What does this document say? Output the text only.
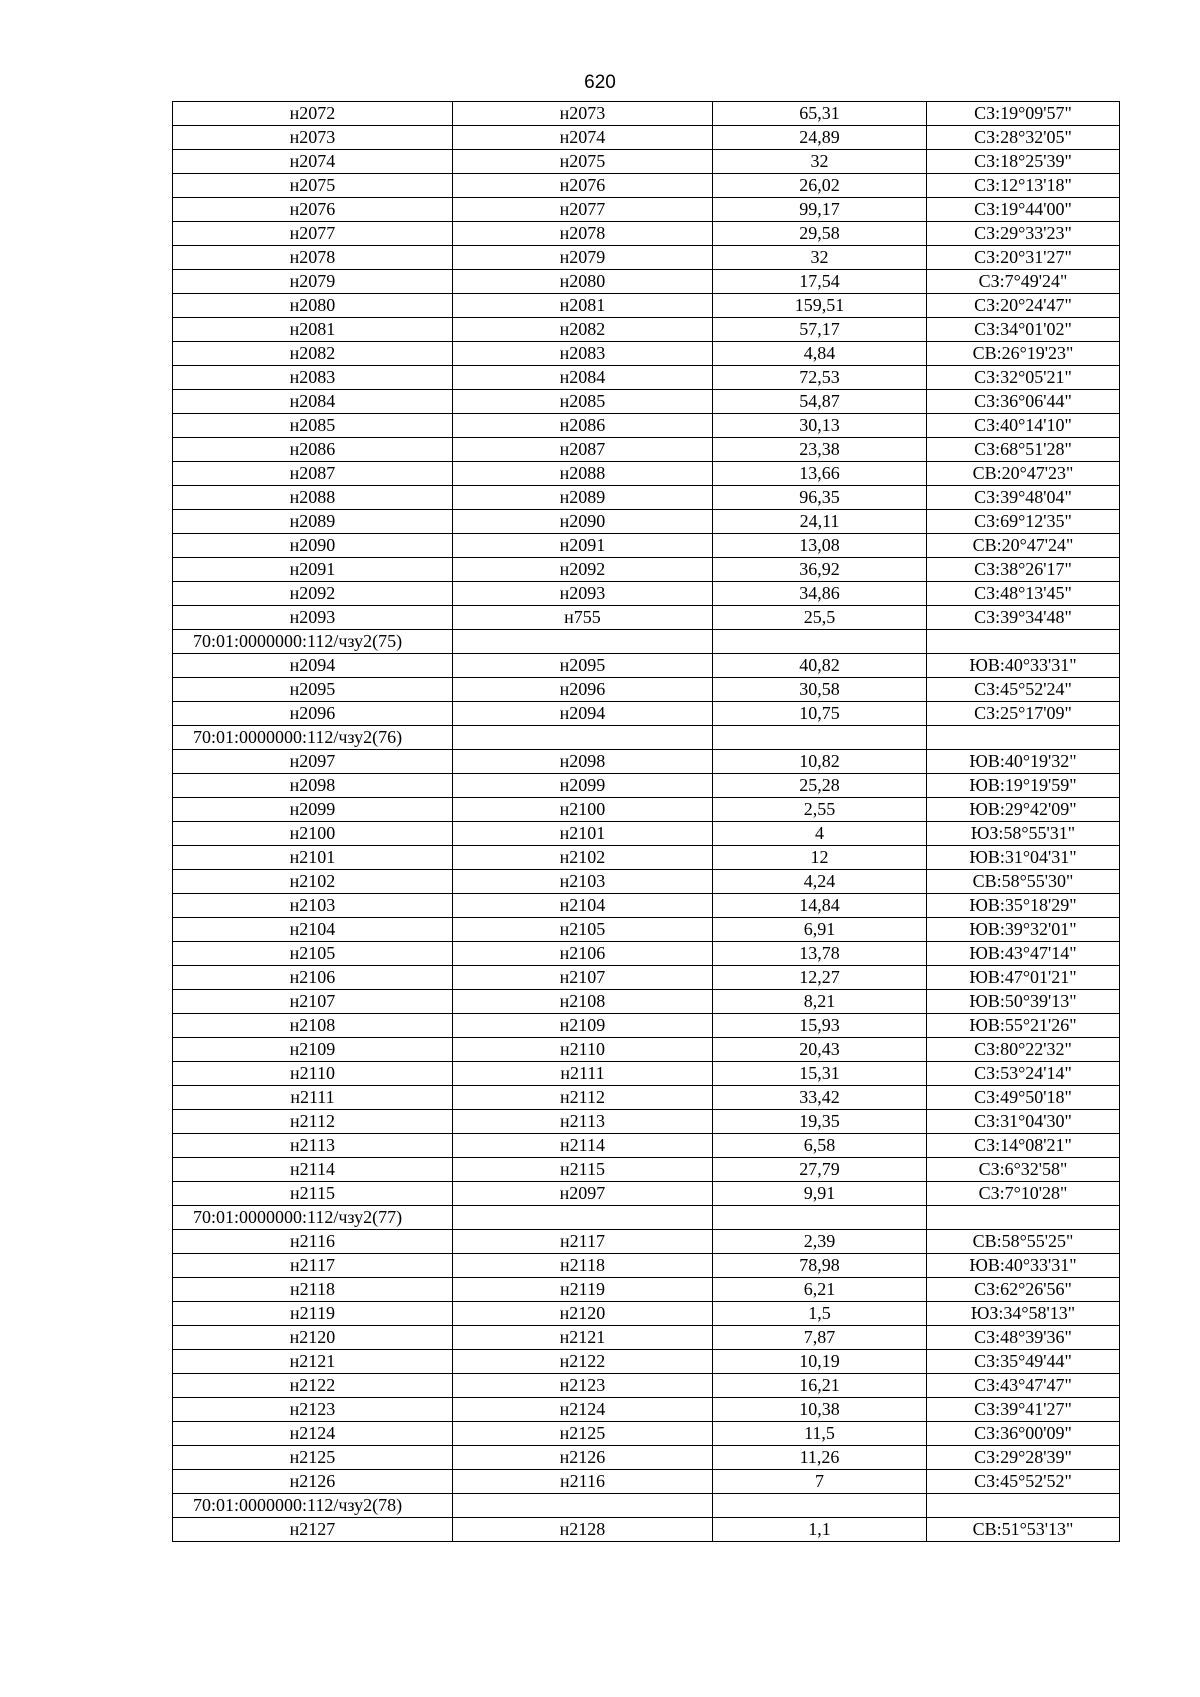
620
н2072	н2073	65,31	СЗ:19°09'57"
н2073	н2074	24,89	СЗ:28°32'05"
н2074	н2075	32	СЗ:18°25'39"
н2075	н2076	26,02	СЗ:12°13'18"
н2076	н2077	99,17	СЗ:19°44'00"
н2077	н2078	29,58	СЗ:29°33'23"
н2078	н2079	32	СЗ:20°31'27"
н2079	н2080	17,54	СЗ:7°49'24"
н2080	н2081	159,51	СЗ:20°24'47"
н2081	н2082	57,17	СЗ:34°01'02"
н2082	н2083	4,84	СВ:26°19'23"
н2083	н2084	72,53	СЗ:32°05'21"
н2084	н2085	54,87	СЗ:36°06'44"
н2085	н2086	30,13	СЗ:40°14'10"
н2086	н2087	23,38	СЗ:68°51'28"
н2087	н2088	13,66	СВ:20°47'23"
н2088	н2089	96,35	СЗ:39°48'04"
н2089	н2090	24,11	СЗ:69°12'35"
н2090	н2091	13,08	СВ:20°47'24"
н2091	н2092	36,92	СЗ:38°26'17"
н2092	н2093	34,86	СЗ:48°13'45"
н2093	н755	25,5	СЗ:39°34'48"
70:01:0000000:112/чзу2(75)			
н2094	н2095	40,82	ЮВ:40°33'31"
н2095	н2096	30,58	СЗ:45°52'24"
н2096	н2094	10,75	СЗ:25°17'09"
70:01:0000000:112/чзу2(76)			
н2097	н2098	10,82	ЮВ:40°19'32"
н2098	н2099	25,28	ЮВ:19°19'59"
н2099	н2100	2,55	ЮВ:29°42'09"
н2100	н2101	4	ЮЗ:58°55'31"
н2101	н2102	12	ЮВ:31°04'31"
н2102	н2103	4,24	СВ:58°55'30"
н2103	н2104	14,84	ЮВ:35°18'29"
н2104	н2105	6,91	ЮВ:39°32'01"
н2105	н2106	13,78	ЮВ:43°47'14"
н2106	н2107	12,27	ЮВ:47°01'21"
н2107	н2108	8,21	ЮВ:50°39'13"
н2108	н2109	15,93	ЮВ:55°21'26"
н2109	н2110	20,43	СЗ:80°22'32"
н2110	н2111	15,31	СЗ:53°24'14"
н2111	н2112	33,42	СЗ:49°50'18"
н2112	н2113	19,35	СЗ:31°04'30"
н2113	н2114	6,58	СЗ:14°08'21"
н2114	н2115	27,79	СЗ:6°32'58"
н2115	н2097	9,91	СЗ:7°10'28"
70:01:0000000:112/чзу2(77)			
н2116	н2117	2,39	СВ:58°55'25"
н2117	н2118	78,98	ЮВ:40°33'31"
н2118	н2119	6,21	СЗ:62°26'56"
н2119	н2120	1,5	ЮЗ:34°58'13"
н2120	н2121	7,87	СЗ:48°39'36"
н2121	н2122	10,19	СЗ:35°49'44"
н2122	н2123	16,21	СЗ:43°47'47"
н2123	н2124	10,38	СЗ:39°41'27"
н2124	н2125	11,5	СЗ:36°00'09"
н2125	н2126	11,26	СЗ:29°28'39"
н2126	н2116	7	СЗ:45°52'52"
70:01:0000000:112/чзу2(78)			
н2127	н2128	1,1	СВ:51°53'13"
